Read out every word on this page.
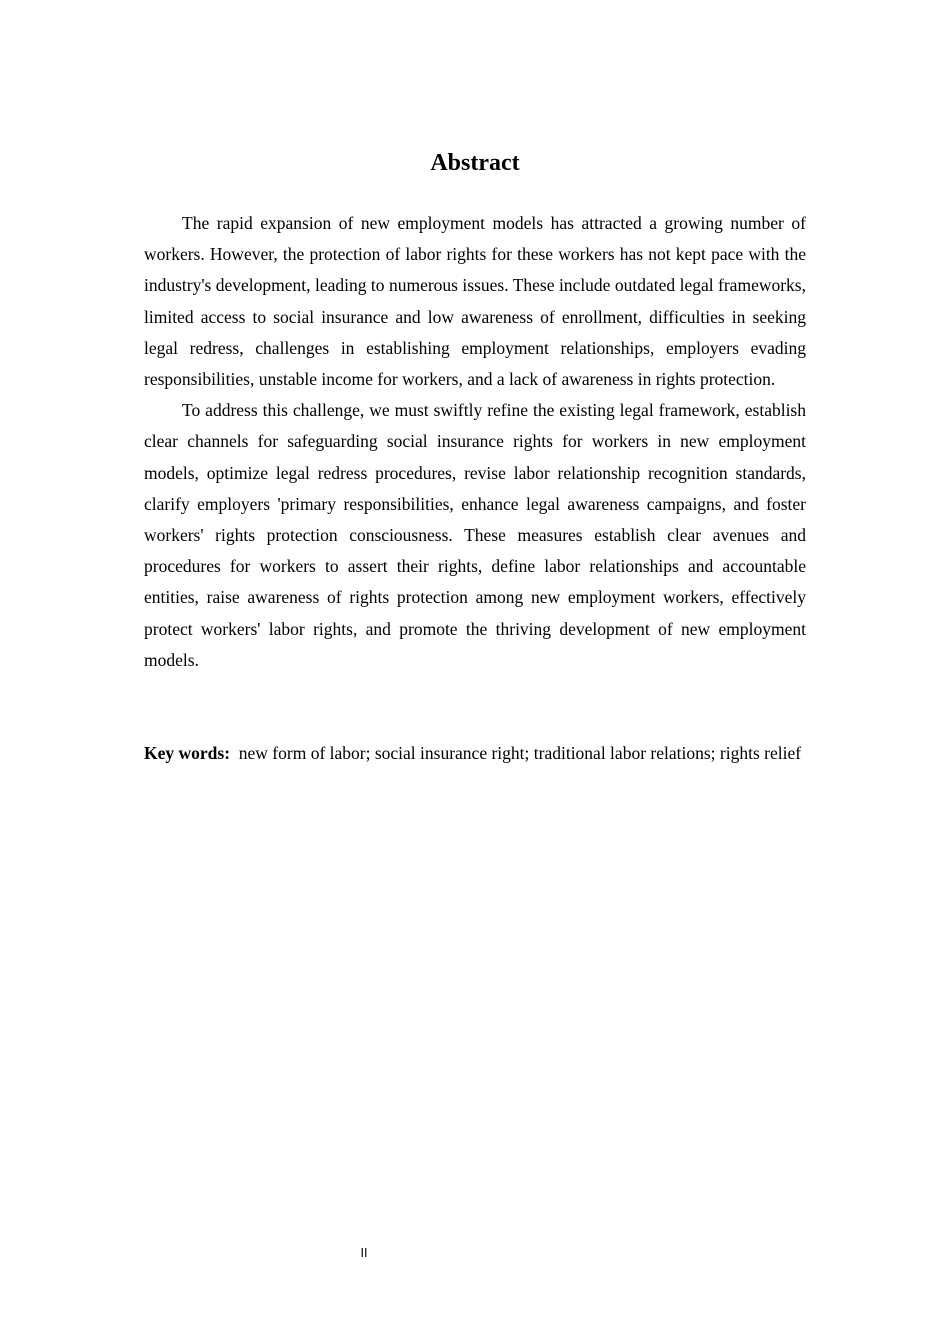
Abstract

The rapid expansion of new employment models has attracted a growing number of workers. However, the protection of labor rights for these workers has not kept pace with the industry's development, leading to numerous issues. These include outdated legal frameworks, limited access to social insurance and low awareness of enrollment, difficulties in seeking legal redress, challenges in establishing employment relationships, employers evading responsibilities, unstable income for workers, and a lack of awareness in rights protection.

To address this challenge, we must swiftly refine the existing legal framework, establish clear channels for safeguarding social insurance rights for workers in new employment models, optimize legal redress procedures, revise labor relationship recognition standards, clarify employers 'primary responsibilities, enhance legal awareness campaigns, and foster workers' rights protection consciousness. These measures establish clear avenues and procedures for workers to assert their rights, define labor relationships and accountable entities, raise awareness of rights protection among new employment workers, effectively protect workers' labor rights, and promote the thriving development of new employment models.

Key words: new form of labor; social insurance right; traditional labor relations; rights relief

II
